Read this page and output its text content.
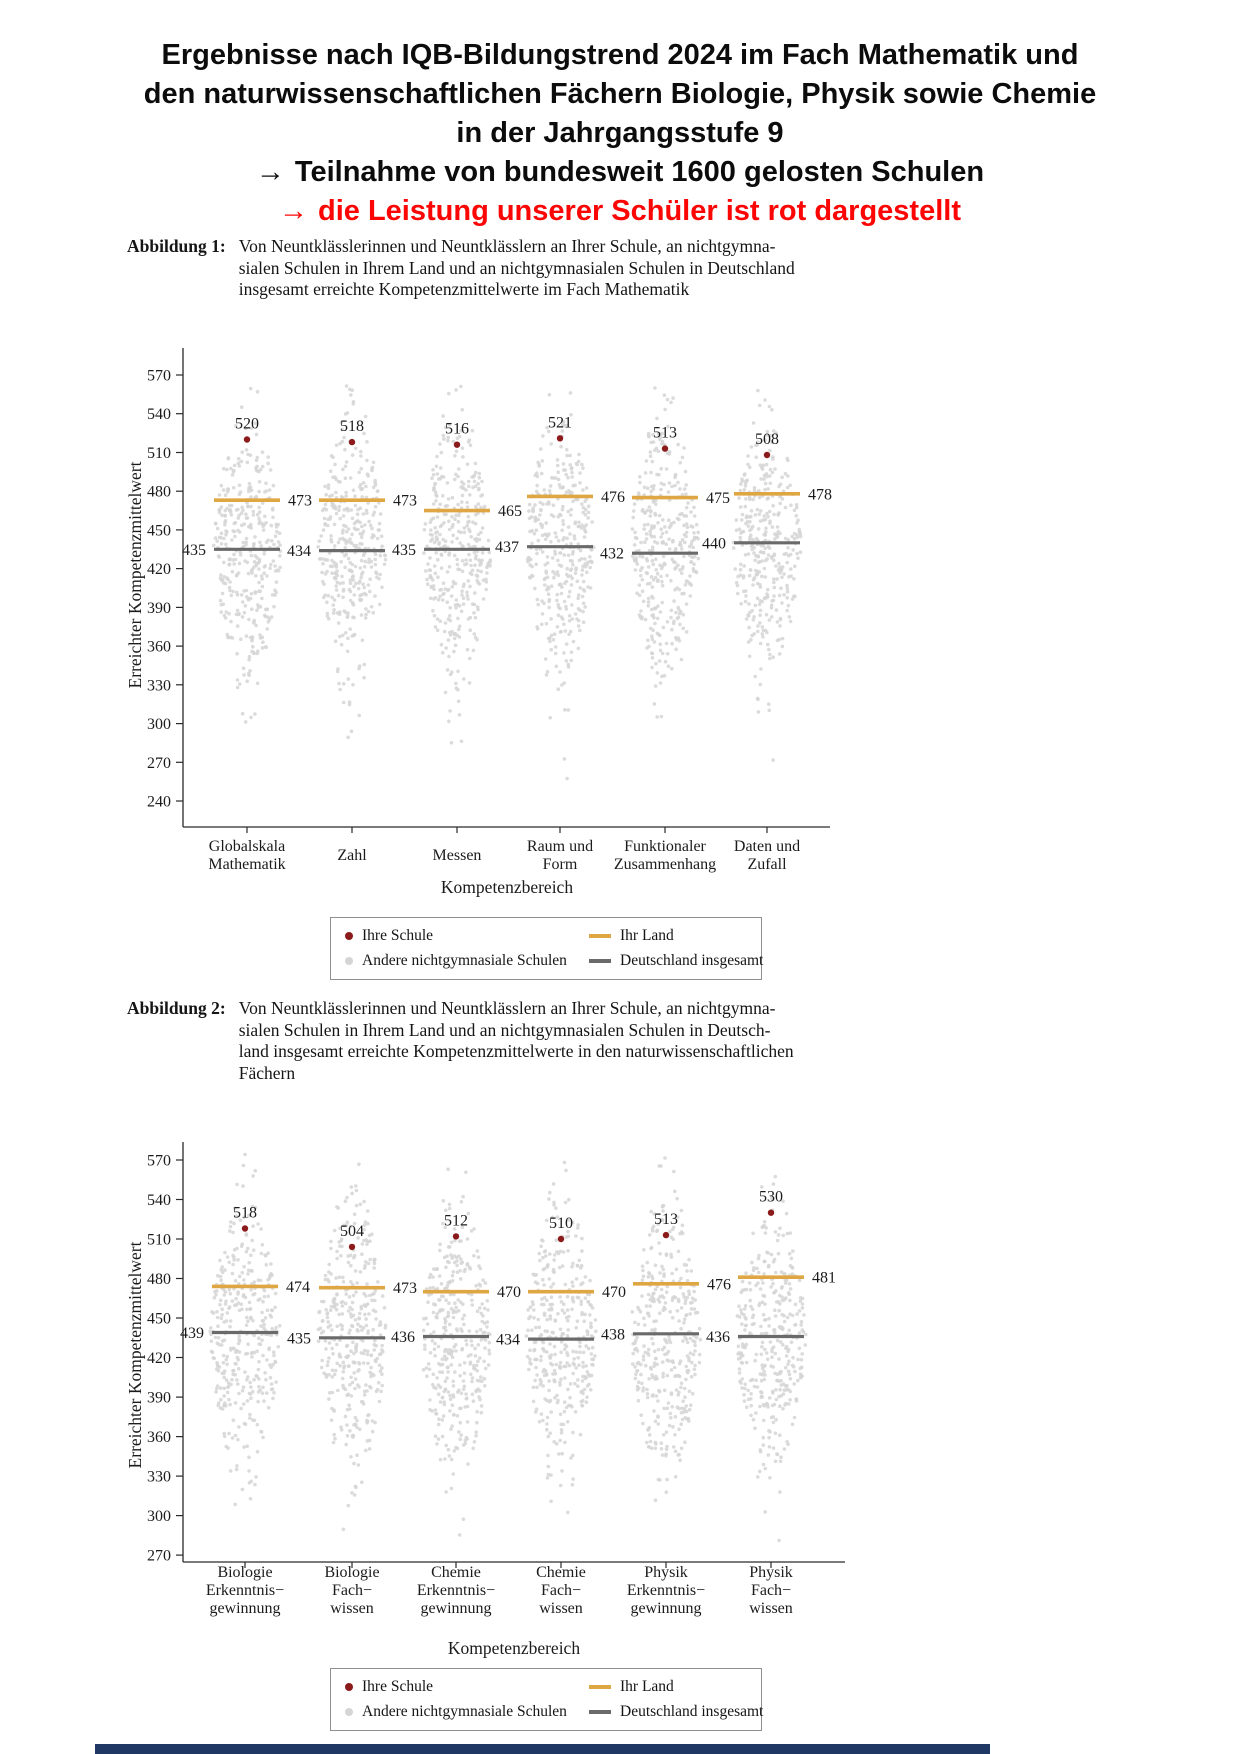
Ergebnisse nach IQB-Bildungstrend 2024 im Fach Mathematik und
den naturwissenschaftlichen Fächern Biologie, Physik sowie Chemie
in der Jahrgangsstufe 9
→ Teilnahme von bundesweit 1600 gelosten Schulen
→ die Leistung unserer Schüler ist rot dargestellt
Abbildung 1: Von Neuntklässlerinnen und Neuntklässlern an Ihrer Schule, an nichtgymna-
sialen Schulen in Ihrem Land und an nichtgymnasialen Schulen in Deutschland
insgesamt erreichte Kompetenzmittelwerte im Fach Mathematik
240
270
300
330
360
390
420
450
480
510
540
570
Erreichter Kompetenzmittelwert
Kompetenzbereich
Globalskala
Mathematik
Zahl	Messen
Raum und
Form
Funktionaler
Zusammenhang
Daten und
Zufall
435
473
520
434
473
518
435
465
516
437
476
521
432
475
513
440
478
508
Ihre Schule	Ihr Land
Andere nichtgymnasiale Schulen	Deutschland insgesamt
Abbildung 2: Von Neuntklässlerinnen und Neuntklässlern an Ihrer Schule, an nichtgymna-
sialen Schulen in Ihrem Land und an nichtgymnasialen Schulen in Deutsch-
land insgesamt erreichte Kompetenzmittelwerte in den naturwissenschaftlichen
Fächern
270
300
330
360
390
420
450
480
510
540
570
Erreichter Kompetenzmittelwert
Kompetenzbereich
Biologie
Erkenntnis−
gewinnung
Biologie
Fach−
wissen
Chemie
Erkenntnis−
gewinnung
Chemie
Fach−
wissen
Physik
Erkenntnis−
gewinnung
Physik
Fach−
wissen
439
474
518
435
473
504
436
470
512
434
470
510
438
476
513
436
481
530
Ihre Schule	Ihr Land
Andere nichtgymnasiale Schulen	Deutschland insgesamt
